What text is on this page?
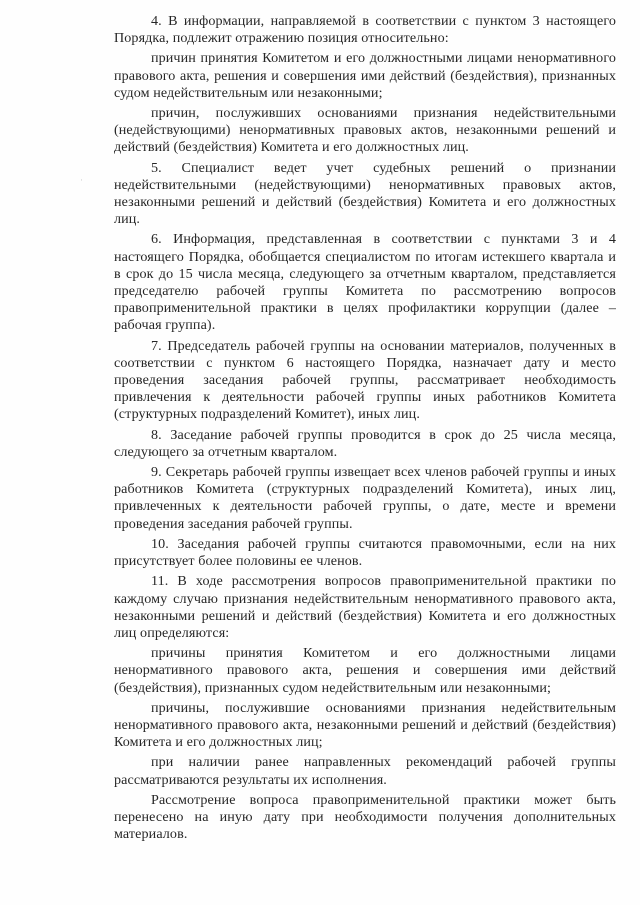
·

4. В информации, направляемой в соответствии с пунктом 3 настоящего Порядка, подлежит отражению позиция относительно:

причин принятия Комитетом и его должностными лицами ненормативного правового акта, решения и совершения ими действий (бездействия), признанных судом недействительным или незаконными;

причин, послуживших основаниями признания недействительными (недействующими) ненормативных правовых актов, незаконными решений и действий (бездействия) Комитета и его должностных лиц.

5. Специалист ведет учет судебных решений о признании недействительными (недействующими) ненормативных правовых актов, незаконными решений и действий (бездействия) Комитета и его должностных лиц.

6. Информация, представленная в соответствии с пунктами 3 и 4 настоящего Порядка, обобщается специалистом по итогам истекшего квартала и в срок до 15 числа месяца, следующего за отчетным кварталом, представляется председателю рабочей группы Комитета по рассмотрению вопросов правоприменительной практики в целях профилактики коррупции (далее – рабочая группа).

7. Председатель рабочей группы на основании материалов, полученных в соответствии с пунктом 6 настоящего Порядка, назначает дату и место проведения заседания рабочей группы, рассматривает необходимость привлечения к деятельности рабочей группы иных работников Комитета (структурных подразделений Комитет), иных лиц.

8. Заседание рабочей группы проводится в срок до 25 числа месяца, следующего за отчетным кварталом.

9. Секретарь рабочей группы извещает всех членов рабочей группы и иных работников Комитета (структурных подразделений Комитета), иных лиц, привлеченных к деятельности рабочей группы, о дате, месте и времени проведения заседания рабочей группы.

10. Заседания рабочей группы считаются правомочными, если на них присутствует более половины ее членов.

11. В ходе рассмотрения вопросов правоприменительной практики по каждому случаю признания недействительным ненормативного правового акта, незаконными решений и действий (бездействия) Комитета и его должностных лиц определяются:

причины принятия Комитетом и его должностными лицами ненормативного правового акта, решения и совершения ими действий (бездействия), признанных судом недействительным или незаконными;

причины, послужившие основаниями признания недействительным ненормативного правового акта, незаконными решений и действий (бездействия) Комитета и его должностных лиц;

при наличии ранее направленных рекомендаций рабочей группы рассматриваются результаты их исполнения.

Рассмотрение вопроса правоприменительной практики может быть перенесено на иную дату при необходимости получения дополнительных материалов.
